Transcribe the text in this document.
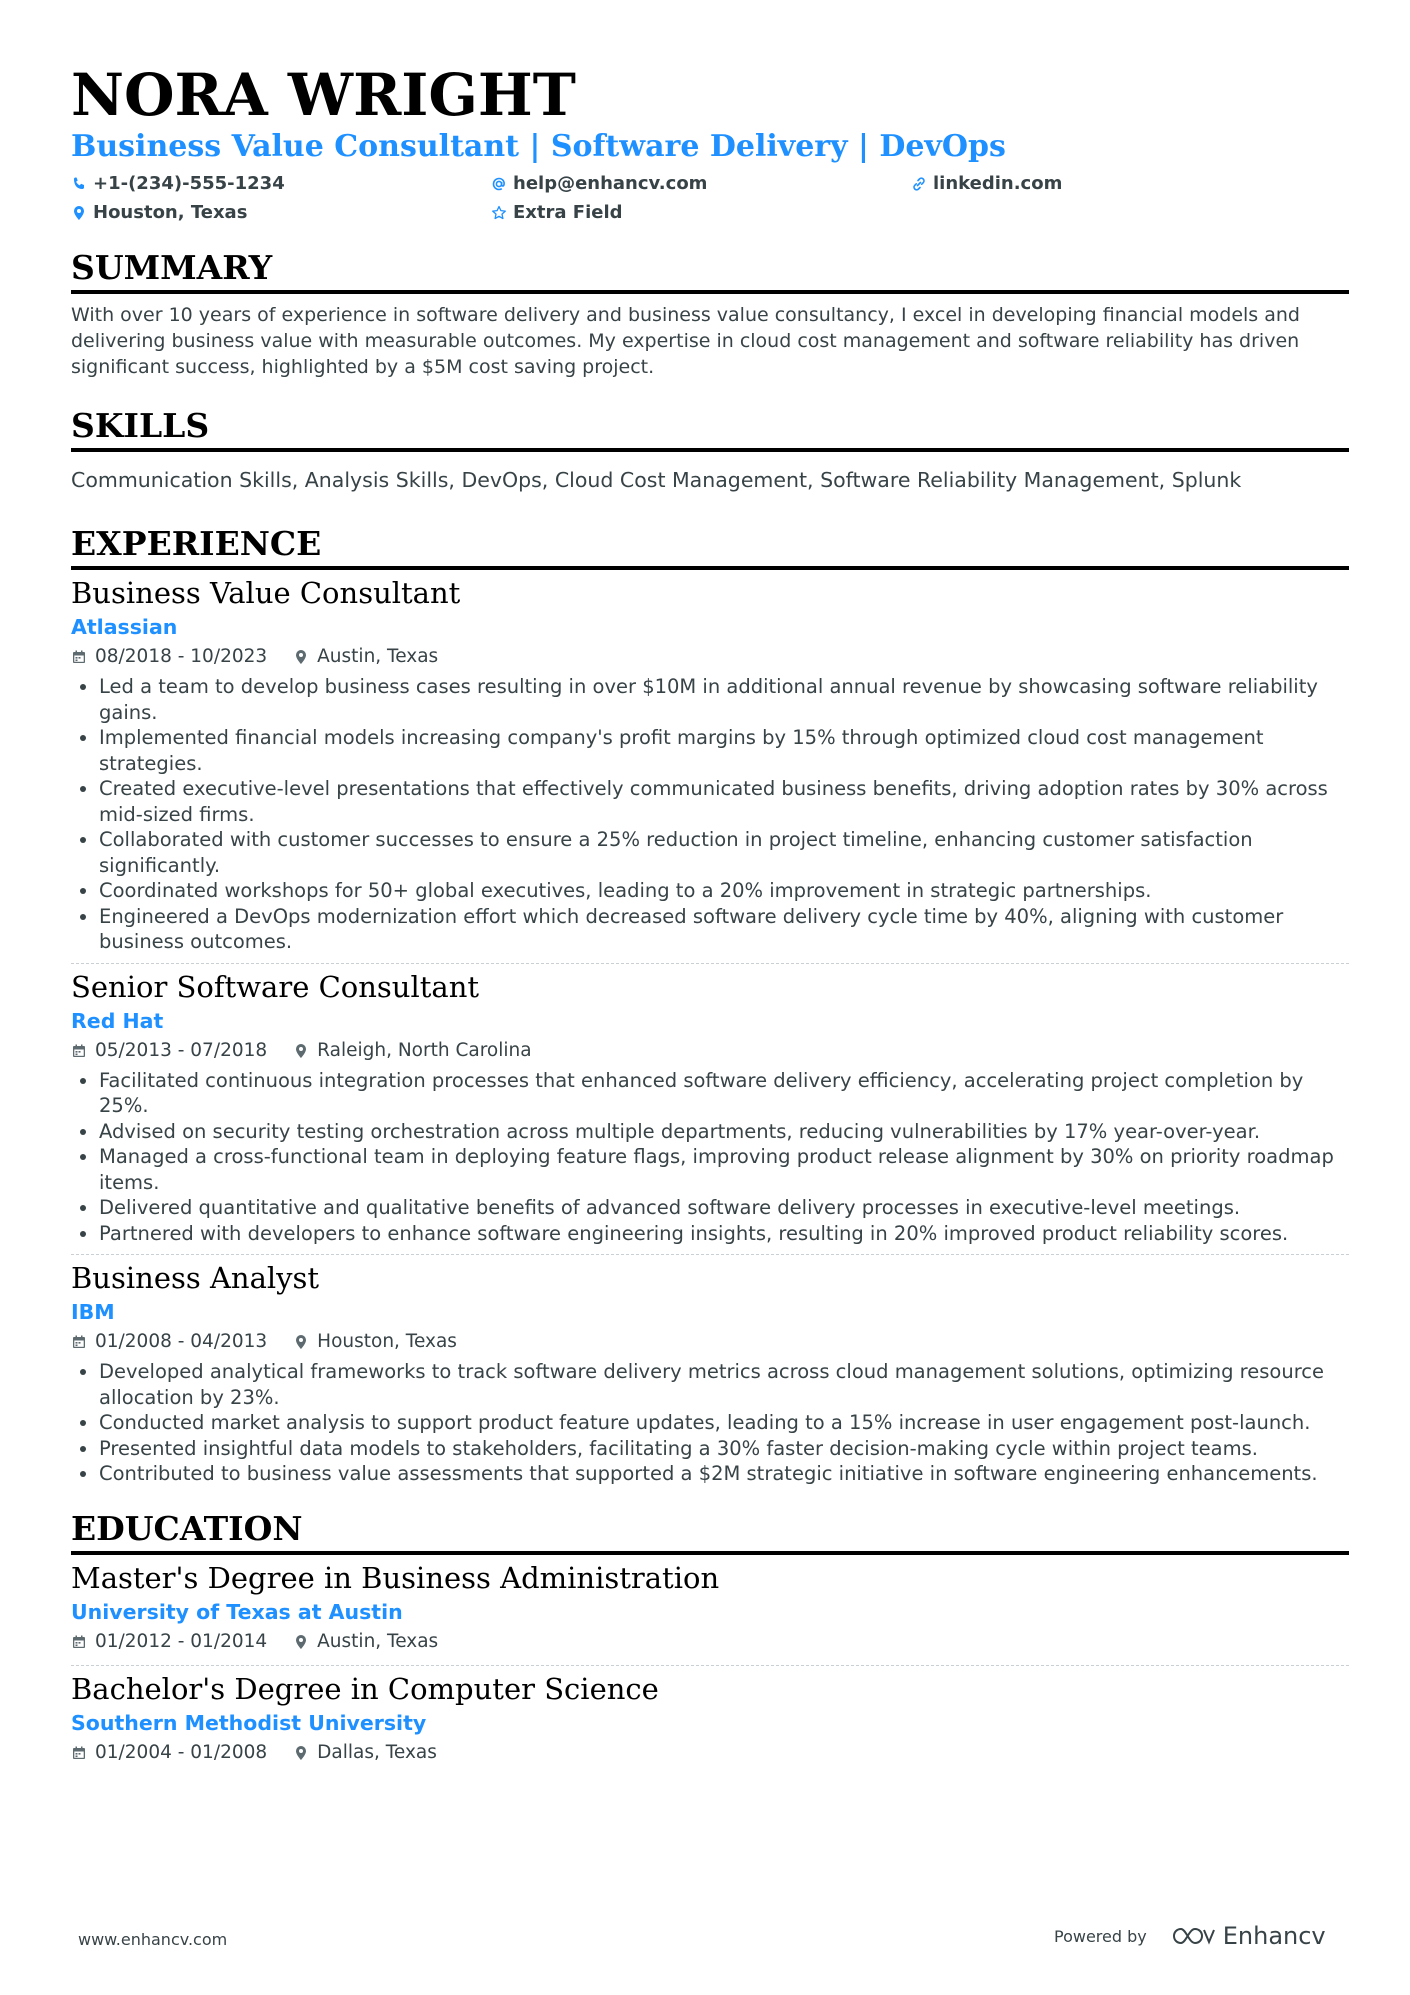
NORA WRIGHT
Business Value Consultant | Software Delivery | DevOps
+1-(234)-555-1234	help@enhancv.com	linkedin.com
Houston, Texas	Extra Field
SUMMARY

With over 10 years of experience in software delivery and business value consultancy, I excel in developing financial models and delivering business value with measurable outcomes. My expertise in cloud cost management and software reliability has driven significant success, highlighted by a $5M cost saving project.

SKILLS

Communication Skills, Analysis Skills, DevOps, Cloud Cost Management, Software Reliability Management, Splunk

EXPERIENCE
Business Value Consultant
Atlassian
08/2018 - 10/2023	Austin, Texas
• Led a team to develop business cases resulting in over $10M in additional annual revenue by showcasing software reliability gains.
• Implemented financial models increasing company's profit margins by 15% through optimized cloud cost management strategies.
• Created executive-level presentations that effectively communicated business benefits, driving adoption rates by 30% across mid-sized firms.
• Collaborated with customer successes to ensure a 25% reduction in project timeline, enhancing customer satisfaction significantly.
• Coordinated workshops for 50+ global executives, leading to a 20% improvement in strategic partnerships.
• Engineered a DevOps modernization effort which decreased software delivery cycle time by 40%, aligning with customer business outcomes.
Senior Software Consultant
Red Hat
05/2013 - 07/2018	Raleigh, North Carolina
• Facilitated continuous integration processes that enhanced software delivery efficiency, accelerating project completion by 25%.
• Advised on security testing orchestration across multiple departments, reducing vulnerabilities by 17% year-over-year.
• Managed a cross-functional team in deploying feature flags, improving product release alignment by 30% on priority roadmap items.
• Delivered quantitative and qualitative benefits of advanced software delivery processes in executive-level meetings.
• Partnered with developers to enhance software engineering insights, resulting in 20% improved product reliability scores.
Business Analyst
IBM
01/2008 - 04/2013	Houston, Texas
• Developed analytical frameworks to track software delivery metrics across cloud management solutions, optimizing resource allocation by 23%.
• Conducted market analysis to support product feature updates, leading to a 15% increase in user engagement post-launch.
• Presented insightful data models to stakeholders, facilitating a 30% faster decision-making cycle within project teams.
• Contributed to business value assessments that supported a $2M strategic initiative in software engineering enhancements.
EDUCATION
Master's Degree in Business Administration
University of Texas at Austin
01/2012 - 01/2014	Austin, Texas
Bachelor's Degree in Computer Science
Southern Methodist University
01/2004 - 01/2008	Dallas, Texas
www.enhancv.com	Powered by	Enhancv
